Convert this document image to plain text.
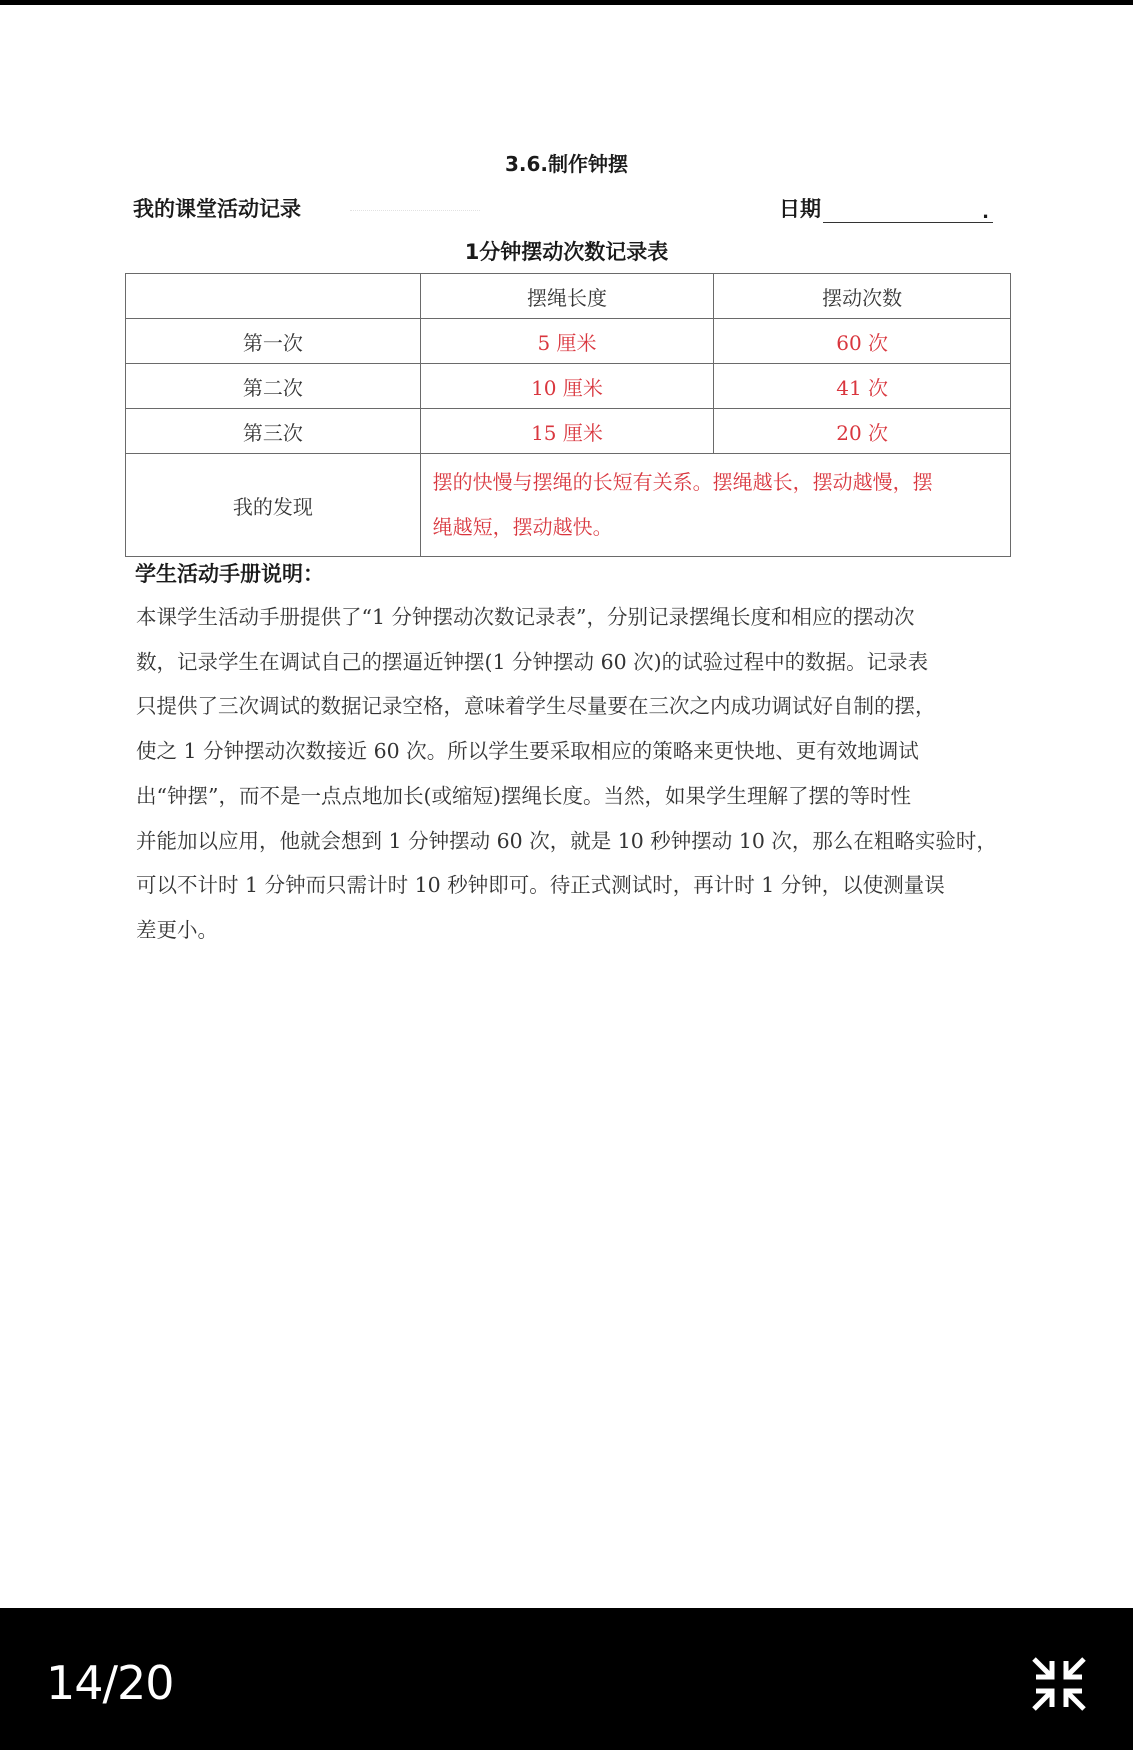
3.6.制作钟摆
我的课堂活动记录	日期	.
1分钟摆动次数记录表
	摆绳长度	摆动次数
第一次	5 厘米	60 次
第二次	10 厘米	41 次
第三次	15 厘米	20 次
我的发现	摆的快慢与摆绳的长短有关系。摆绳越长，摆动越慢，摆
绳越短，摆动越快。	
学生活动手册说明：
本课学生活动手册提供了“1 分钟摆动次数记录表”，分别记录摆绳长度和相应的摆动次
数，记录学生在调试自己的摆逼近钟摆(1 分钟摆动 60 次)的试验过程中的数据。记录表
只提供了三次调试的数据记录空格，意味着学生尽量要在三次之内成功调试好自制的摆，
使之 1 分钟摆动次数接近 60 次。所以学生要采取相应的策略来更快地、更有效地调试
出“钟摆”，而不是一点点地加长(或缩短)摆绳长度。当然，如果学生理解了摆的等时性
并能加以应用，他就会想到 1 分钟摆动 60 次，就是 10 秒钟摆动 10 次，那么在粗略实验时，
可以不计时 1 分钟而只需计时 10 秒钟即可。待正式测试时，再计时 1 分钟，以使测量误
差更小。
14/20
